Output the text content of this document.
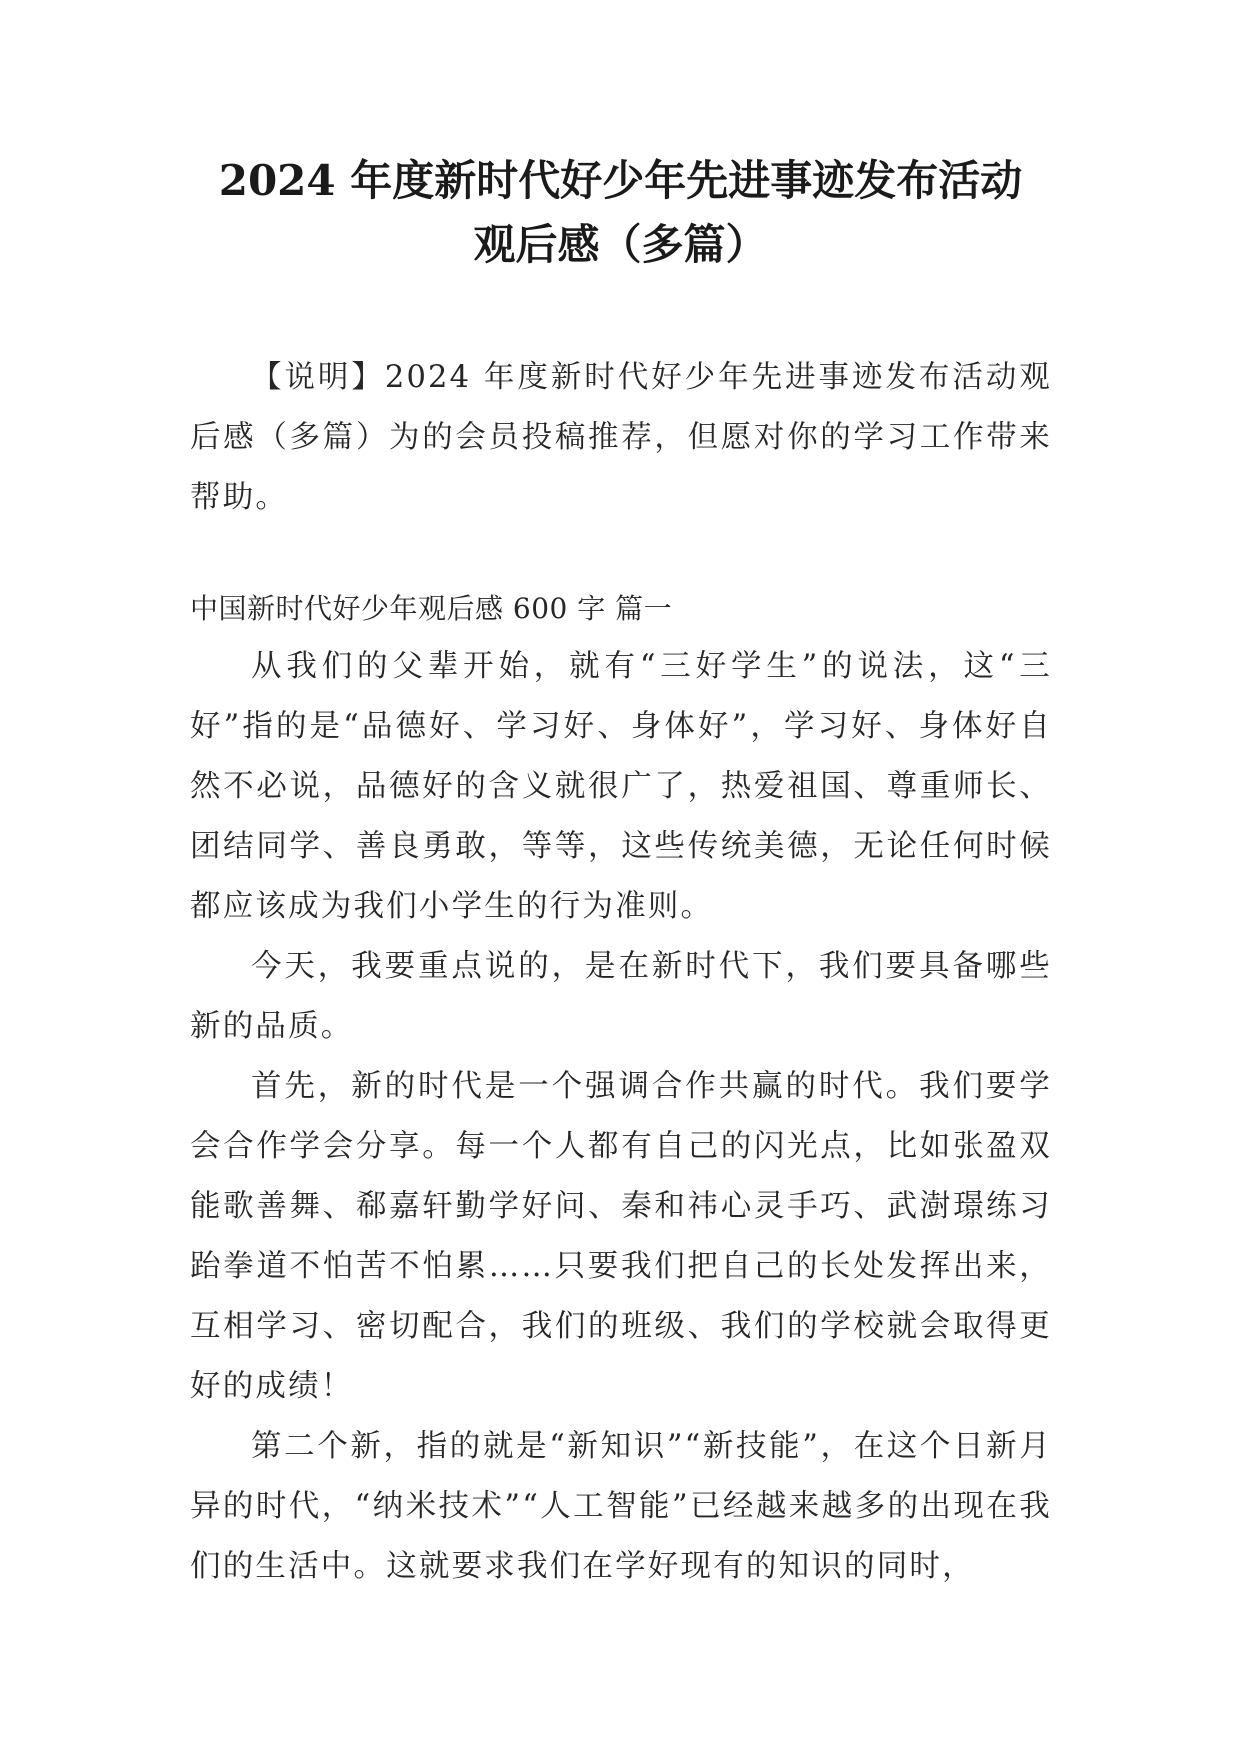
2024 年度新时代好少年先进事迹发布活动
观后感（多篇）

【说明】2024 年度新时代好少年先进事迹发布活动观后感（多篇）为的会员投稿推荐，但愿对你的学习工作带来帮助。

中国新时代好少年观后感 600 字 篇一

从我们的父辈开始，就有“三好学生”的说法，这“三好”指的是“品德好、学习好、身体好”，学习好、身体好自然不必说，品德好的含义就很广了，热爱祖国、尊重师长、团结同学、善良勇敢，等等，这些传统美德，无论任何时候都应该成为我们小学生的行为准则。

今天，我要重点说的，是在新时代下，我们要具备哪些新的品质。

首先，新的时代是一个强调合作共赢的时代。我们要学会合作学会分享。每一个人都有自己的闪光点，比如张盈双能歌善舞、郗嘉轩勤学好问、秦和祎心灵手巧、武澍璟练习跆拳道不怕苦不怕累……只要我们把自己的长处发挥出来，互相学习、密切配合，我们的班级、我们的学校就会取得更好的成绩！

第二个新，指的就是“新知识”“新技能”，在这个日新月异的时代，“纳米技术”“人工智能”已经越来越多的出现在我们的生活中。这就要求我们在学好现有的知识的同时，
